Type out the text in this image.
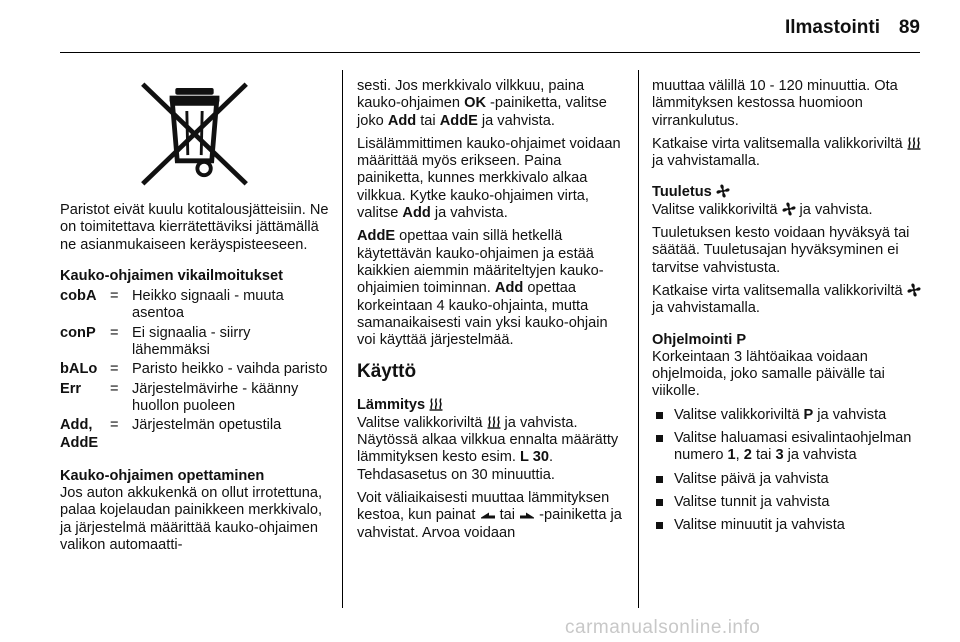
Ilmastointi 89

Paristot eivät kuulu kotitalousjätteisiin. Ne on toimitettava kierrätettäviksi jättämällä ne asianmukaiseen keräyspisteeseen.

Kauko-ohjaimen vikailmoitukset

cobA	=	Heikko signaali - muuta asentoa
conP	=	Ei signaalia - siirry lähemmäksi
bALo	=	Paristo heikko - vaihda paristo
Err	=	Järjestelmävirhe - käänny huollon puoleen
Add, AddE	=	Järjestelmän opetustila

Kauko-ohjaimen opettaminen

Jos auton akkukenkä on ollut irrotettuna, palaa kojelaudan painikkeen merkkivalo, ja järjestelmä määrittää kauko-ohjaimen valikon automaatti-

sesti. Jos merkkivalo vilkkuu, paina kauko-ohjaimen OK -painiketta, valitse joko Add tai AddE ja vahvista.

Lisälämmittimen kauko-ohjaimet voidaan määrittää myös erikseen. Paina painiketta, kunnes merkkivalo alkaa vilkkua. Kytke kauko-ohjaimen virta, valitse Add ja vahvista.

AddE opettaa vain sillä hetkellä käytettävän kauko-ohjaimen ja estää kaikkien aiemmin määriteltyjen kauko-ohjaimien toiminnan. Add opettaa korkeintaan 4 kauko-ohjainta, mutta samanaikaisesti vain yksi kauko-ohjain voi käyttää järjestelmää.

Käyttö

Lämmitys

Valitse valikkoriviltä  ja vahvista. Näytössä alkaa vilkkua ennalta määrätty lämmityksen kesto esim. L 30. Tehdasasetus on 30 minuuttia.

Voit väliaikaisesti muuttaa lämmityksen kestoa, kun painat  tai  -painiketta ja vahvistat. Arvoa voidaan

muuttaa välillä 10 - 120 minuuttia. Ota lämmityksen kestossa huomioon virrankulutus.

Katkaise virta valitsemalla valikkoriviltä  ja vahvistamalla.

Tuuletus

Valitse valikkoriviltä  ja vahvista.

Tuuletuksen kesto voidaan hyväksyä tai säätää. Tuuletusajan hyväksyminen ei tarvitse vahvistusta.

Katkaise virta valitsemalla valikkoriviltä  ja vahvistamalla.

Ohjelmointi P

Korkeintaan 3 lähtöaikaa voidaan ohjelmoida, joko samalle päivälle tai viikolle.

Valitse valikkoriviltä P ja vahvista
Valitse haluamasi esivalintaohjelman numero 1, 2 tai 3 ja vahvista
Valitse päivä ja vahvista
Valitse tunnit ja vahvista
Valitse minuutit ja vahvista
carmanualsonline.info
